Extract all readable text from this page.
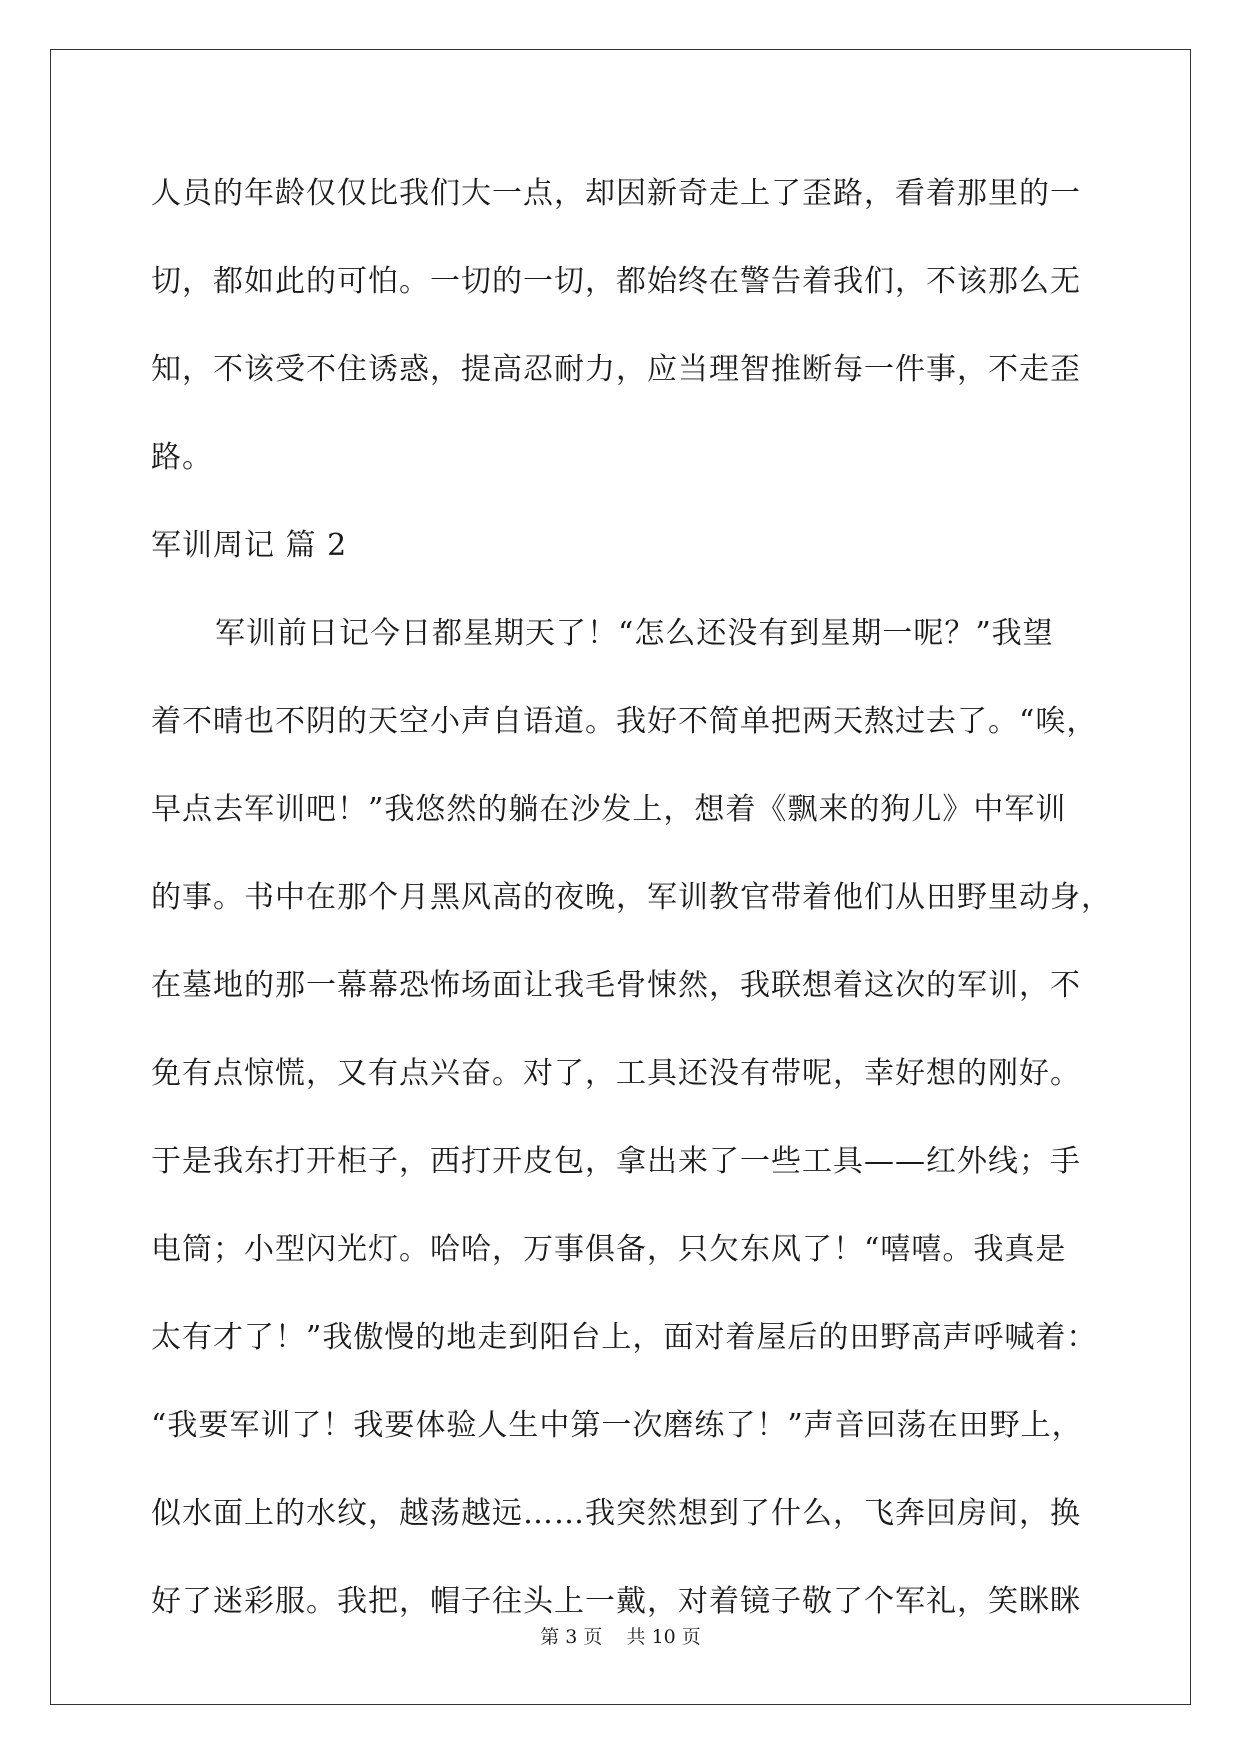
人员的年龄仅仅比我们大一点，却因新奇走上了歪路，看着那里的一
切，都如此的可怕。一切的一切，都始终在警告着我们，不该那么无
知，不该受不住诱惑，提高忍耐力，应当理智推断每一件事，不走歪
路。
军训周记 篇 2
军训前日记今日都星期天了！“怎么还没有到星期一呢？”我望
着不晴也不阴的天空小声自语道。我好不简单把两天熬过去了。“唉，
早点去军训吧！”我悠然的躺在沙发上，想着《飘来的狗儿》中军训
的事。书中在那个月黑风高的夜晚，军训教官带着他们从田野里动身，
在墓地的那一幕幕恐怖场面让我毛骨悚然，我联想着这次的军训，不
免有点惊慌，又有点兴奋。对了，工具还没有带呢，幸好想的刚好。
于是我东打开柜子，西打开皮包，拿出来了一些工具——红外线；手
电筒；小型闪光灯。哈哈，万事俱备，只欠东风了！“嘻嘻。我真是
太有才了！”我傲慢的地走到阳台上，面对着屋后的田野高声呼喊着：
“我要军训了！我要体验人生中第一次磨练了！”声音回荡在田野上，
似水面上的水纹，越荡越远……我突然想到了什么，飞奔回房间，换
好了迷彩服。我把，帽子往头上一戴，对着镜子敬了个军礼，笑眯眯
第 3 页 共 10 页
